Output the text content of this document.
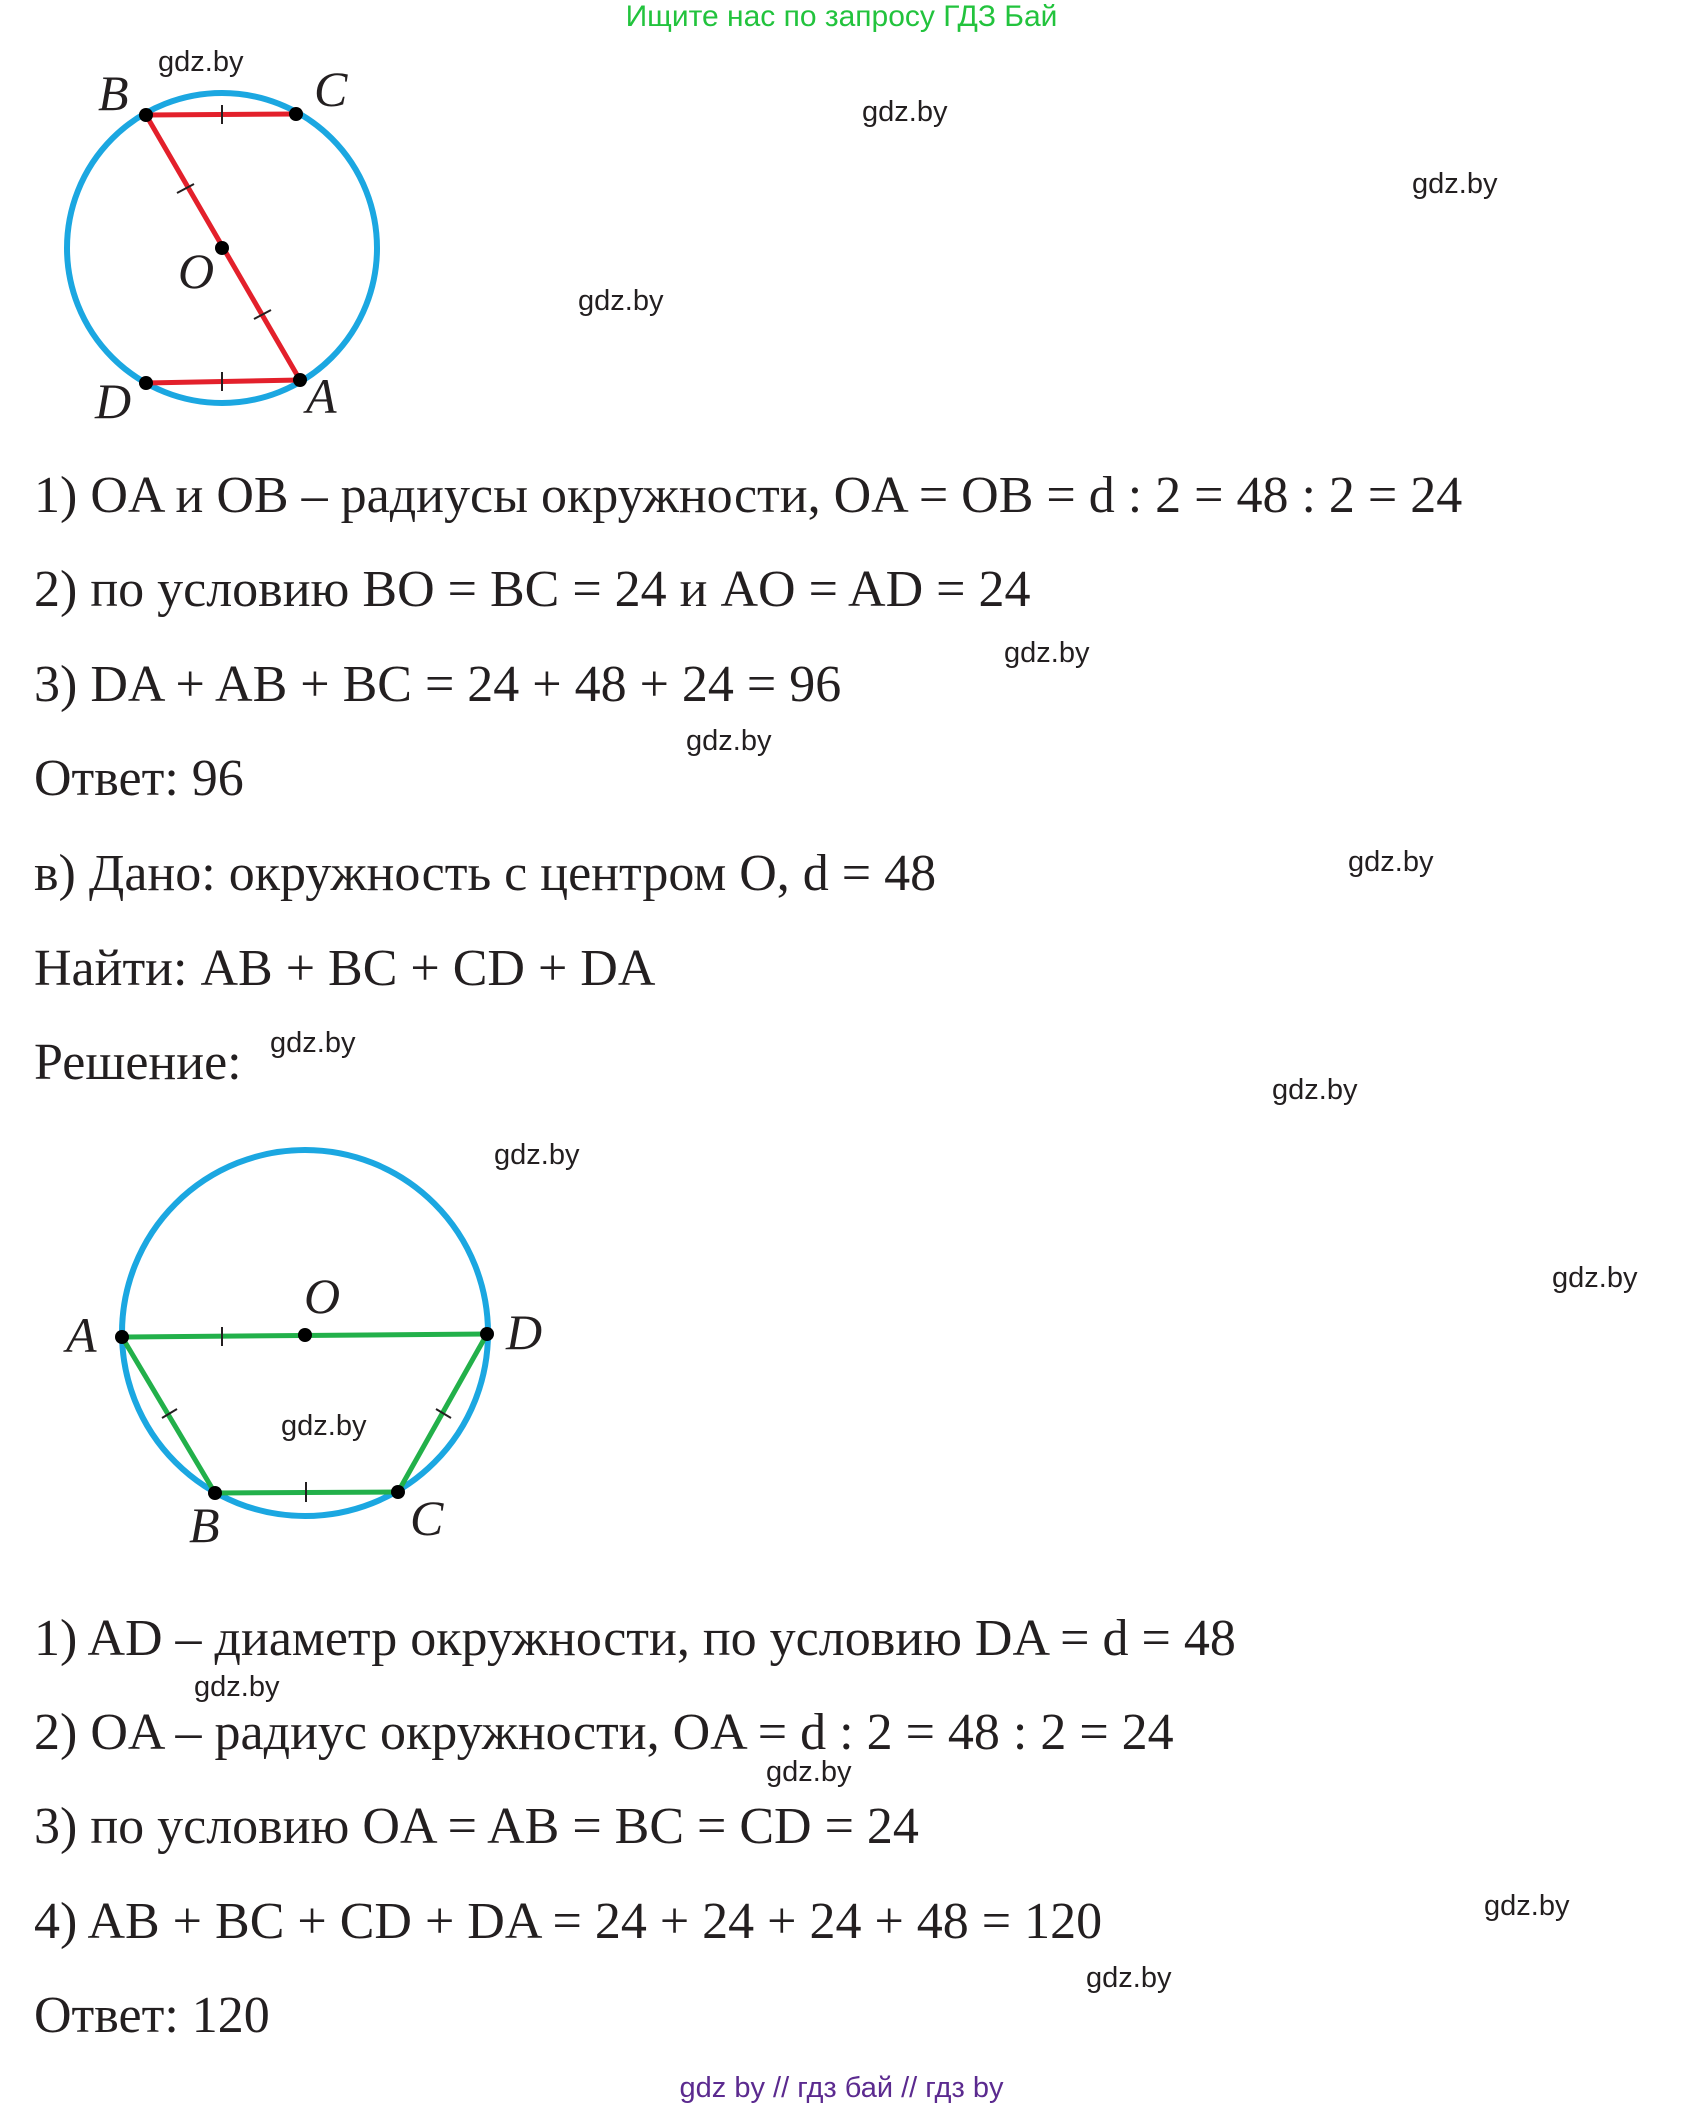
Ищите нас по запросу ГДЗ Бай
B	C
O
D	A
1) OA и OB – радиусы окружности, OA = OB = d : 2 = 48 : 2 = 24
2) по условию BO = BC = 24 и AO = AD = 24
3) DA + AB + BC = 24 + 48 + 24 = 96
Ответ: 96
в) Дано: окружность с центром O, d = 48
Найти: AB + BC + CD + DA
Решение:
A
O
D
B	C
1) AD – диаметр окружности, по условию DA = d = 48
2) OA – радиус окружности, OA = d : 2 = 48 : 2 = 24
3) по условию OA = AB = BC = CD = 24
4) AB + BC + CD + DA = 24 + 24 + 24 + 48 = 120
Ответ: 120
gdz.by
gdz.by
gdz.by
gdz.by
gdz.by
gdz.by
gdz.by
gdz.by
gdz.by
gdz.by
gdz.by
gdz.by
gdz.by
gdz.by
gdz.by
gdz.by
gdz by // гдз бай // гдз by
